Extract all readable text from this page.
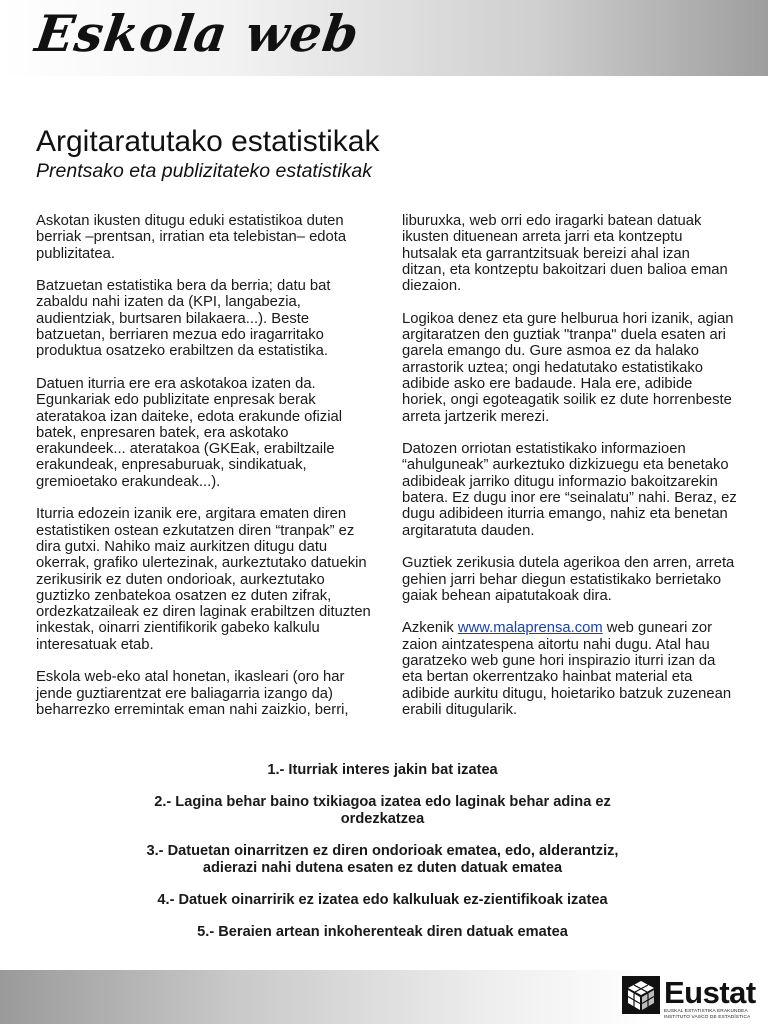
Eskola web
Argitaratutako estatistikak
Prentsako eta publizitateko estatistikak

Askotan ikusten ditugu eduki estatistikoa duten berriak –prentsan, irratian eta telebistan– edota publizitatea.

Batzuetan estatistika bera da berria; datu bat zabaldu nahi izaten da (KPI, langabezia, audientziak, burtsaren bilakaera...). Beste batzuetan, berriaren mezua edo iragarritako produktua osatzeko erabiltzen da estatistika.

Datuen iturria ere era askotakoa izaten da. Egunkariak edo publizitate enpresak berak ateratakoa izan daiteke, edota erakunde ofizial batek, enpresaren batek, era askotako erakundeek... ateratakoa (GKEak, erabiltzaile erakundeak, enpresaburuak, sindikatuak, gremioetako erakundeak...).

Iturria edozein izanik ere, argitara ematen diren estatistiken ostean ezkutatzen diren “tranpak” ez dira gutxi. Nahiko maiz aurkitzen ditugu datu okerrak, grafiko ulertezinak, aurkeztutako datuekin zerikusirik ez duten ondorioak, aurkeztutako guztizko zenbatekoa osatzen ez duten zifrak, ordezkatzaileak ez diren laginak erabiltzen dituzten inkestak, oinarri zientifikorik gabeko kalkulu interesatuak etab.

Eskola web-eko atal honetan, ikasleari (oro har jende guztiarentzat ere baliagarria izango da) beharrezko erremintak eman nahi zaizkio, berri,

liburuxka, web orri edo iragarki batean datuak ikusten dituenean arreta jarri eta kontzeptu hutsalak eta garrantzitsuak bereizi ahal izan ditzan, eta kontzeptu bakoitzari duen balioa eman diezaion.

Logikoa denez eta gure helburua hori izanik, agian argitaratzen den guztiak "tranpa" duela esaten ari garela emango du. Gure asmoa ez da halako arrastorik uztea; ongi hedatutako estatistikako adibide asko ere badaude. Hala ere, adibide horiek, ongi egoteagatik soilik ez dute horrenbeste arreta jartzerik merezi.

Datozen orriotan estatistikako informazioen “ahulguneak” aurkeztuko dizkizuegu eta benetako adibideak jarriko ditugu informazio bakoitzarekin batera. Ez dugu inor ere “seinalatu” nahi. Beraz, ez dugu adibideen iturria emango, nahiz eta benetan argitaratuta dauden.

Guztiek zerikusia dutela agerikoa den arren, arreta gehien jarri behar diegun estatistikako berrietako gaiak behean aipatutakoak dira.

Azkenik www.malaprensa.com web guneari zor zaion aintzatespena aitortu nahi dugu. Atal hau garatzeko web gune hori inspirazio iturri izan da eta bertan okerrentzako hainbat material eta adibide aurkitu ditugu, hoietariko batzuk zuzenean erabili ditugularik.

1.- Iturriak interes jakin bat izatea

2.- Lagina behar baino txikiagoa izatea edo laginak behar adina ez ordezkatzea

3.- Datuetan oinarritzen ez diren ondorioak ematea, edo, alderantziz, adierazi nahi dutena esaten ez duten datuak ematea

4.- Datuek oinarririk ez izatea edo kalkuluak ez-zientifikoak izatea

5.- Beraien artean inkoherenteak diren datuak ematea

Eustat
EUSKAL ESTATISTIKA ERAKUNDEA
INSTITUTO VASCO DE ESTADÍSTICA
